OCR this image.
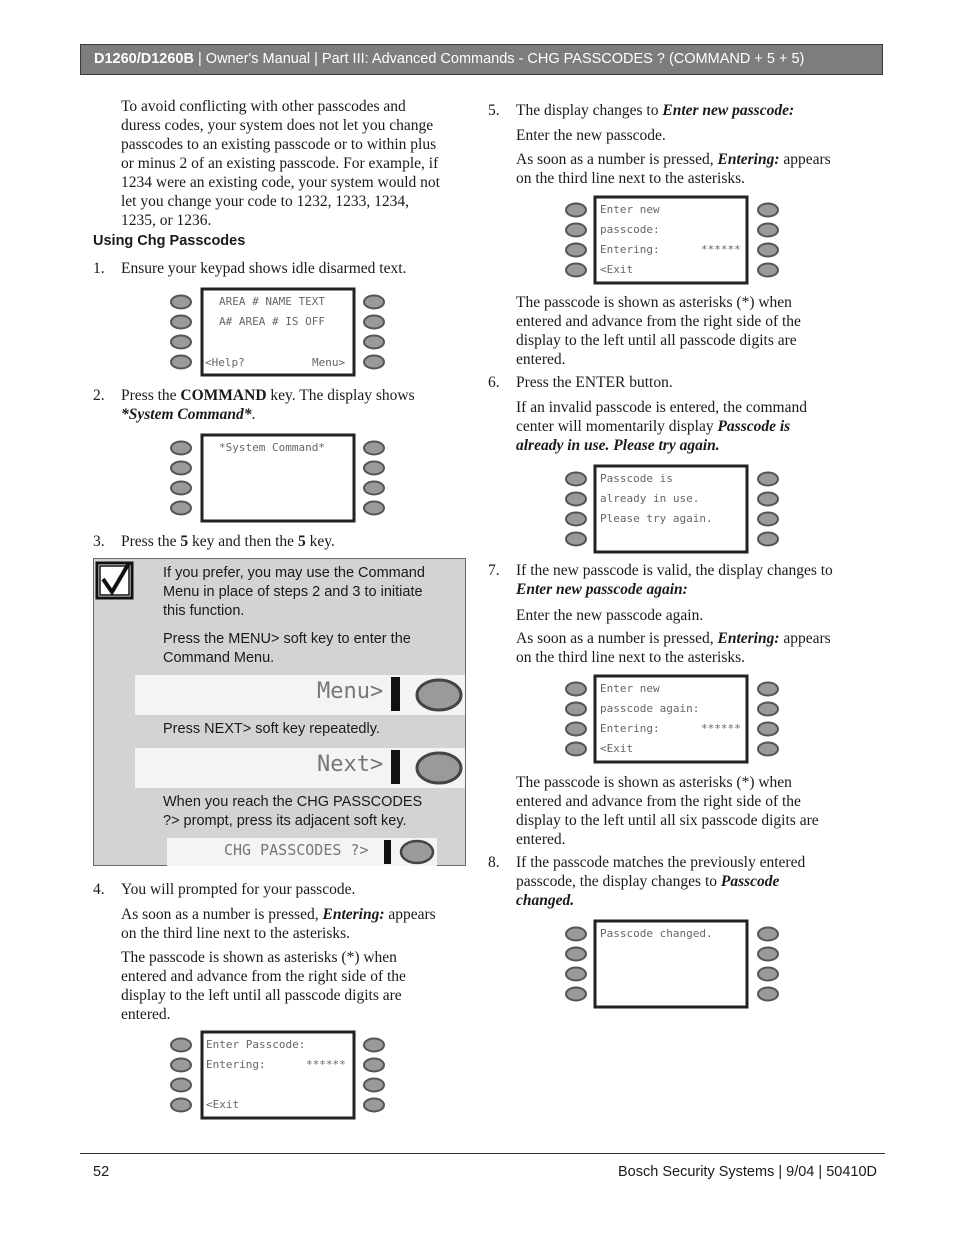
D1260/D1260B | Owner's Manual | Part III: Advanced Commands - CHG PASSCODES ? (COMMAND + 5 + 5)
To avoid conflicting with other passcodes and
duress codes, your system does not let you change
passcodes to an existing passcode or to within plus
or minus 2 of an existing passcode. For example, if
1234 were an existing code, your system would not
let you change your code to 1232, 1233, 1234,
1235, or 1236.
Using Chg Passcodes
1. Ensure your keypad shows idle disarmed text.
AREA # NAME TEXT
A# AREA # IS OFF
<Help?	Menu>
2. Press the COMMAND key. The display shows
*System Command*.
*System Command*
3. Press the 5 key and then the 5 key.
If you prefer, you may use the Command
Menu in place of steps 2 and 3 to initiate
this function.
Press the MENU> soft key to enter the
Command Menu.
Menu>
Press NEXT> soft key repeatedly.
Next>
When you reach the CHG PASSCODES
?> prompt, press its adjacent soft key.
CHG PASSCODES ?>
4. You will prompted for your passcode.
As soon as a number is pressed, Entering: appears
on the third line next to the asterisks.
The passcode is shown as asterisks (*) when
entered and advance from the right side of the
display to the left until all passcode digits are
entered.
Enter Passcode:
Entering:	******
<Exit
5. The display changes to Enter new passcode:
Enter the new passcode.
As soon as a number is pressed, Entering: appears
on the third line next to the asterisks.
Enter new
passcode:
Entering:	******
<Exit
The passcode is shown as asterisks (*) when
entered and advance from the right side of the
display to the left until all passcode digits are
entered.
6. Press the ENTER button.
If an invalid passcode is entered, the command
center will momentarily display Passcode is
already in use. Please try again.
Passcode is
already in use.
Please try again.
7. If the new passcode is valid, the display changes to
Enter new passcode again:
Enter the new passcode again.
As soon as a number is pressed, Entering: appears
on the third line next to the asterisks.
Enter new
passcode again:
Entering:	******
<Exit
The passcode is shown as asterisks (*) when
entered and advance from the right side of the
display to the left until all six passcode digits are
entered.
8. If the passcode matches the previously entered
passcode, the display changes to Passcode
changed.
Passcode changed.
52	Bosch Security Systems | 9/04 | 50410D
